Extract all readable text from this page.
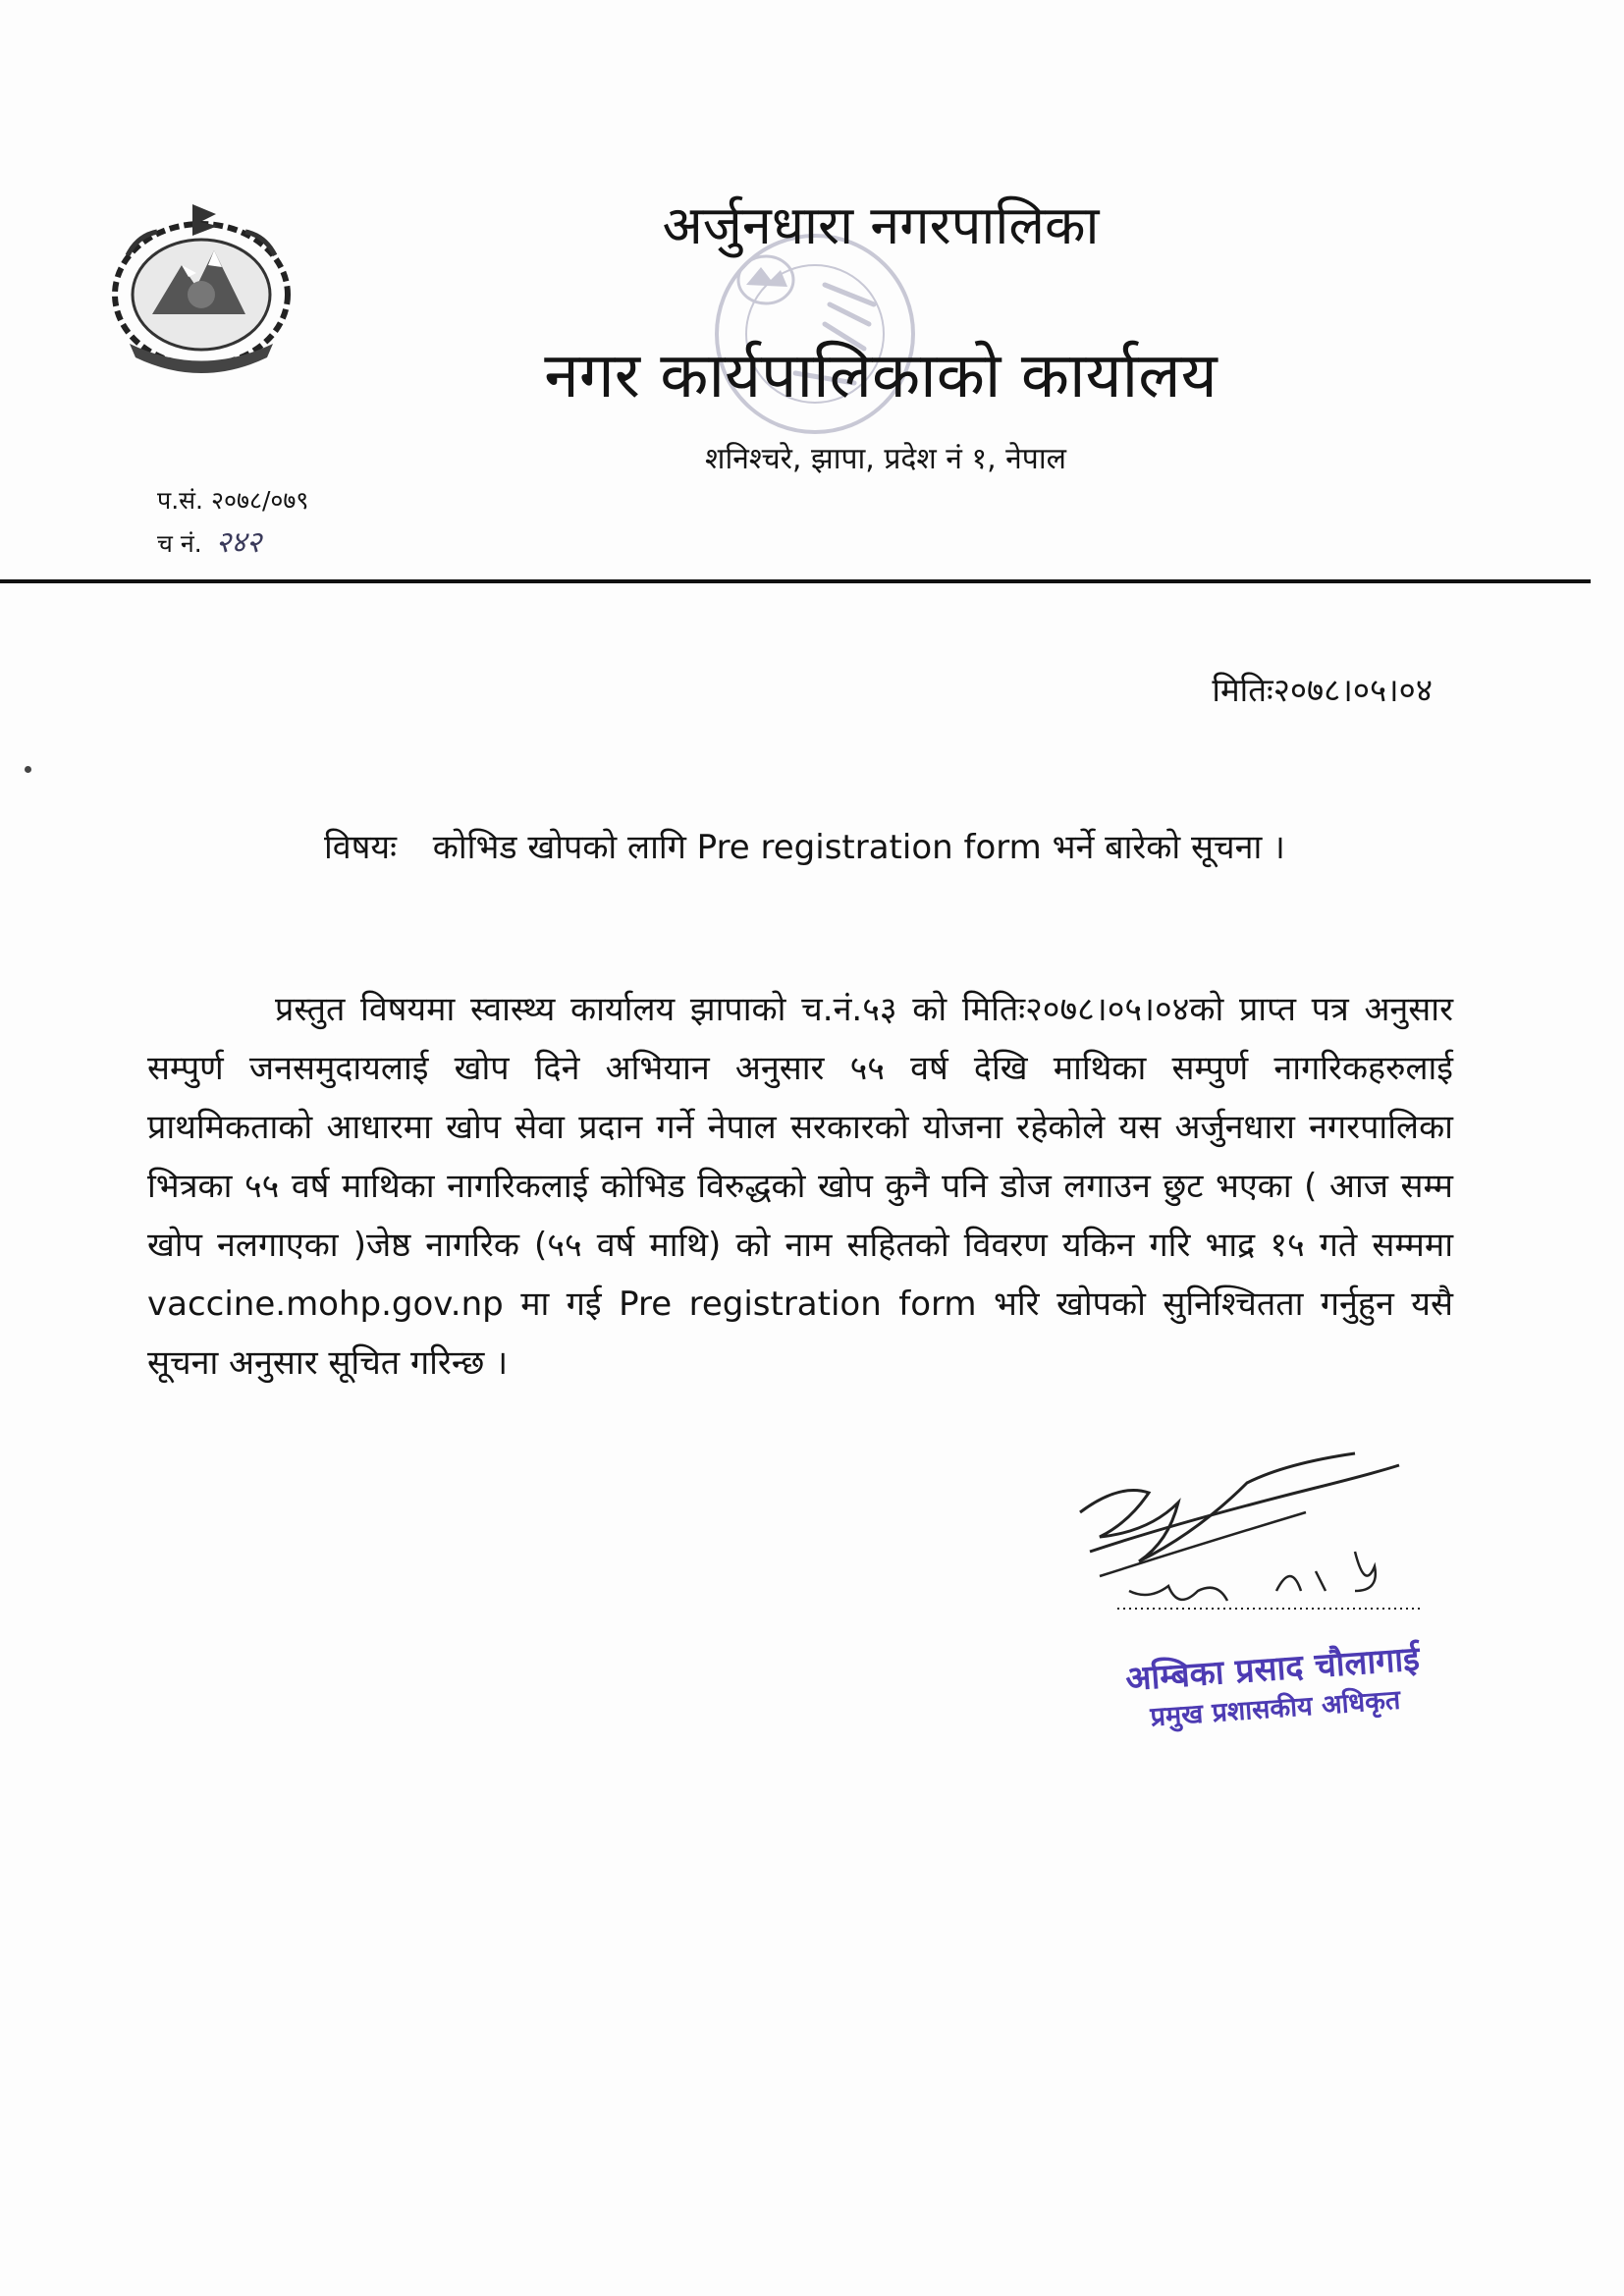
अर्जुनधारा नगरपालिका
नगर कार्यपालिकाको कार्यालय
शनिश्चरे, झापा, प्रदेश नं १, नेपाल
प.सं. २०७८/०७९
च नं. २४२
मितिः२०७८।०५।०४
विषयः कोभिड खोपको लागि Pre registration form भर्ने बारेको सूचना ।

प्रस्तुत विषयमा स्वास्थ्य कार्यालय झापाको च.नं.५३ को मितिः२०७८।०५।०४को प्राप्त पत्र अनुसार सम्पुर्ण जनसमुदायलाई खोप दिने अभियान अनुसार ५५ वर्ष देखि माथिका सम्पुर्ण नागरिकहरुलाई प्राथमिकताको आधारमा खोप सेवा प्रदान गर्ने नेपाल सरकारको योजना रहेकोले यस अर्जुनधारा नगरपालिका भित्रका ५५ वर्ष माथिका नागरिकलाई कोभिड विरुद्धको खोप कुनै पनि डोज लगाउन छुट भएका ( आज सम्म खोप नलगाएका )जेष्ठ नागरिक (५५ वर्ष माथि) को नाम सहितको विवरण यकिन गरि भाद्र १५ गते सम्ममा vaccine.mohp.gov.np मा गई Pre registration form भरि खोपको सुनिश्चितता गर्नुहुन यसै सूचना अनुसार सूचित गरिन्छ ।

अम्बिका प्रसाद चौलागाई
प्रमुख प्रशासकीय अधिकृत
